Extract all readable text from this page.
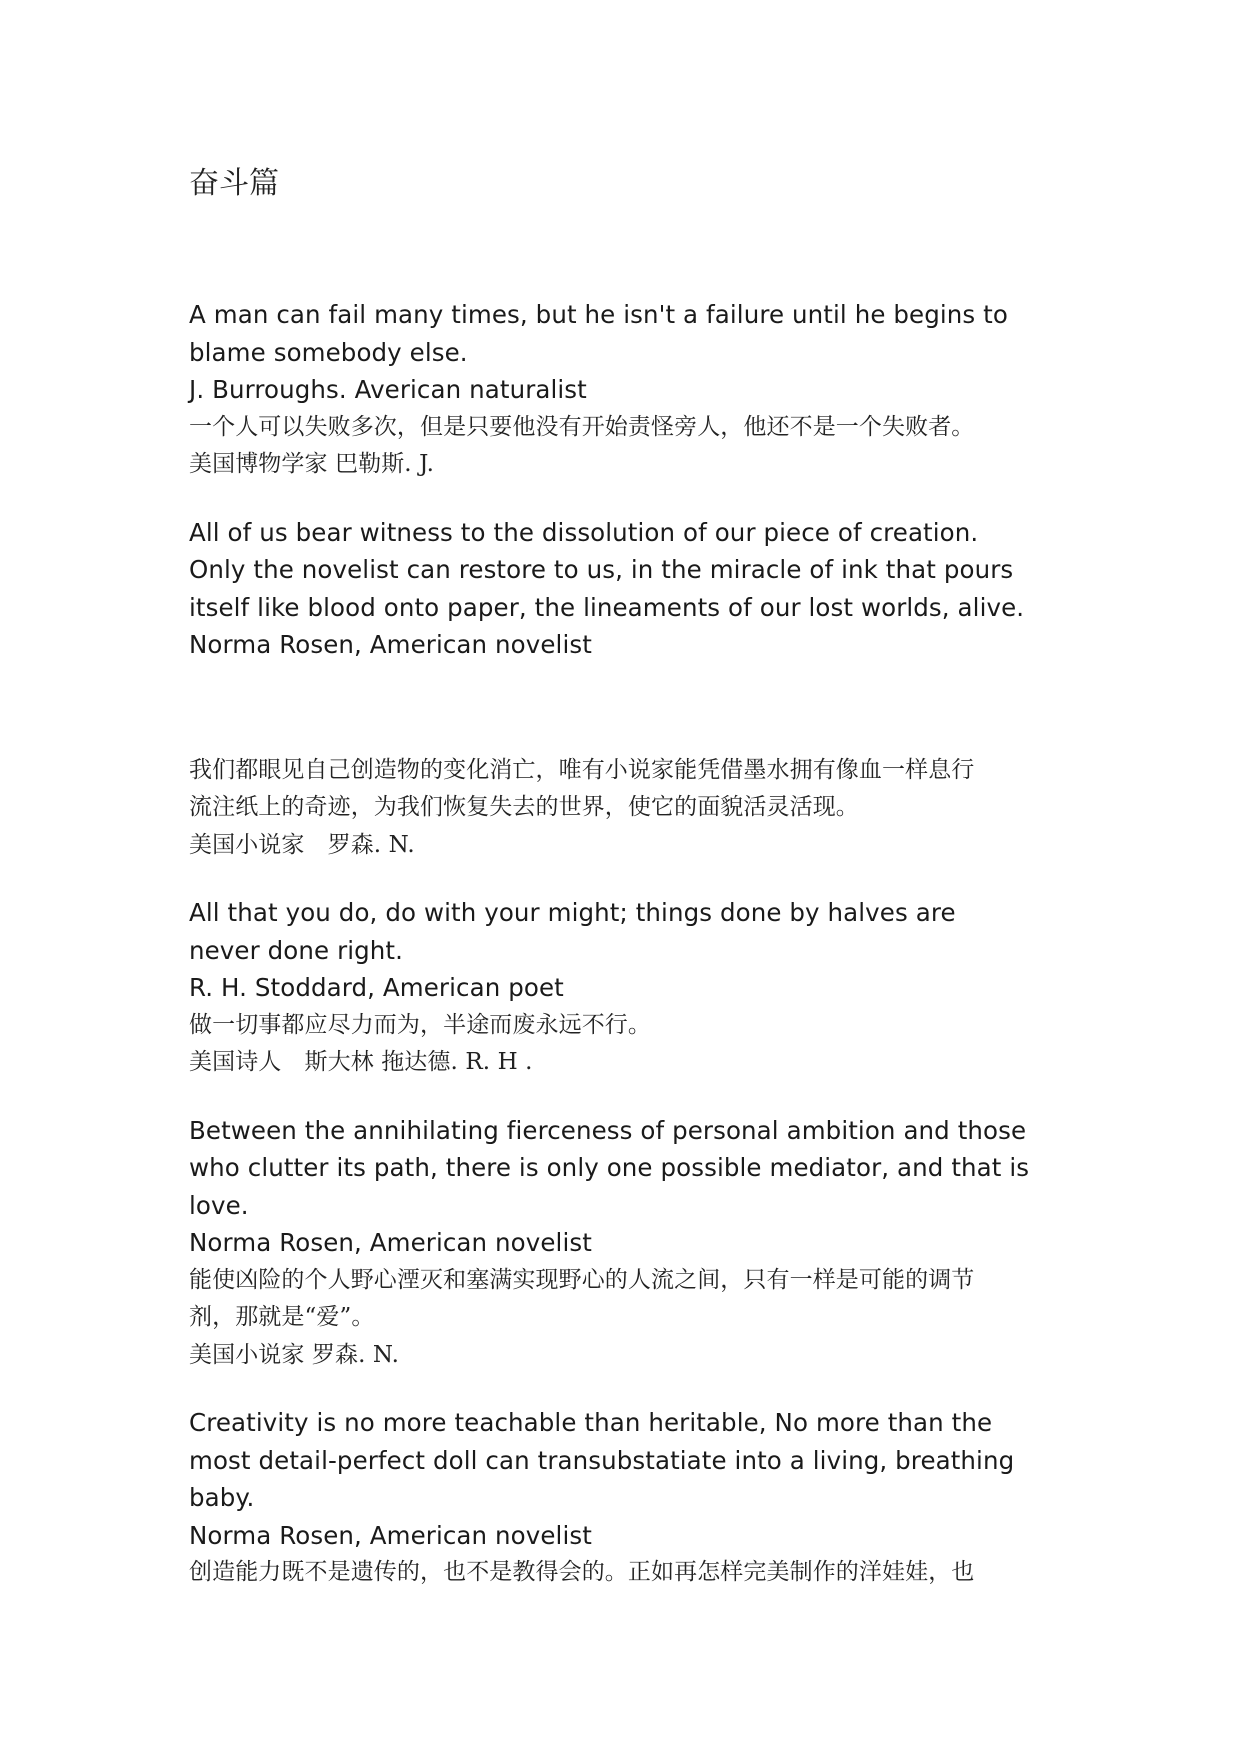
奋斗篇
A man can fail many times, but he isn't a failure until he begins to
blame somebody else.
J. Burroughs. Averican naturalist
一个人可以失败多次，但是只要他没有开始责怪旁人，他还不是一个失败者。
美国博物学家 巴勒斯. J.
All of us bear witness to the dissolution of our piece of creation.
Only the novelist can restore to us, in the miracle of ink that pours
itself like blood onto paper, the lineaments of our lost worlds, alive.
Norma Rosen, American novelist
我们都眼见自己创造物的变化消亡，唯有小说家能凭借墨水拥有像血一样息行
流注纸上的奇迹，为我们恢复失去的世界，使它的面貌活灵活现。
美国小说家　罗森. N.
All that you do, do with your might; things done by halves are
never done right.
R. H. Stoddard, American poet
做一切事都应尽力而为，半途而废永远不行。
美国诗人　斯大林 拖达德. R. H .
Between the annihilating fierceness of personal ambition and those
who clutter its path, there is only one possible mediator, and that is
love.
Norma Rosen, American novelist
能使凶险的个人野心湮灭和塞满实现野心的人流之间，只有一样是可能的调节
剂，那就是“爱”。
美国小说家 罗森. N.
Creativity is no more teachable than heritable, No more than the
most detail-perfect doll can transubstatiate into a living, breathing
baby.
Norma Rosen, American novelist
创造能力既不是遗传的，也不是教得会的。正如再怎样完美制作的洋娃娃，也
